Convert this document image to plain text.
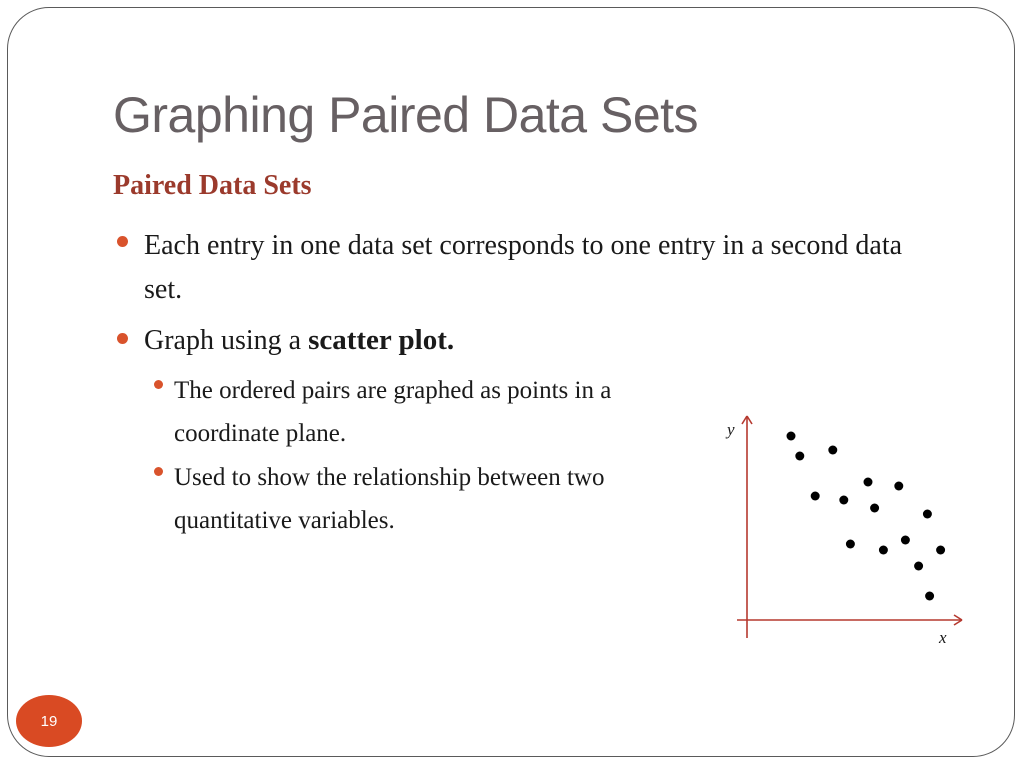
Graphing Paired Data Sets
Paired Data Sets
Each entry in one data set corresponds to one entry in a second data set.
Graph using a scatter plot.
The ordered pairs are graphed as points in a coordinate plane.
Used to show the relationship between two quantitative variables.
y
x
19
